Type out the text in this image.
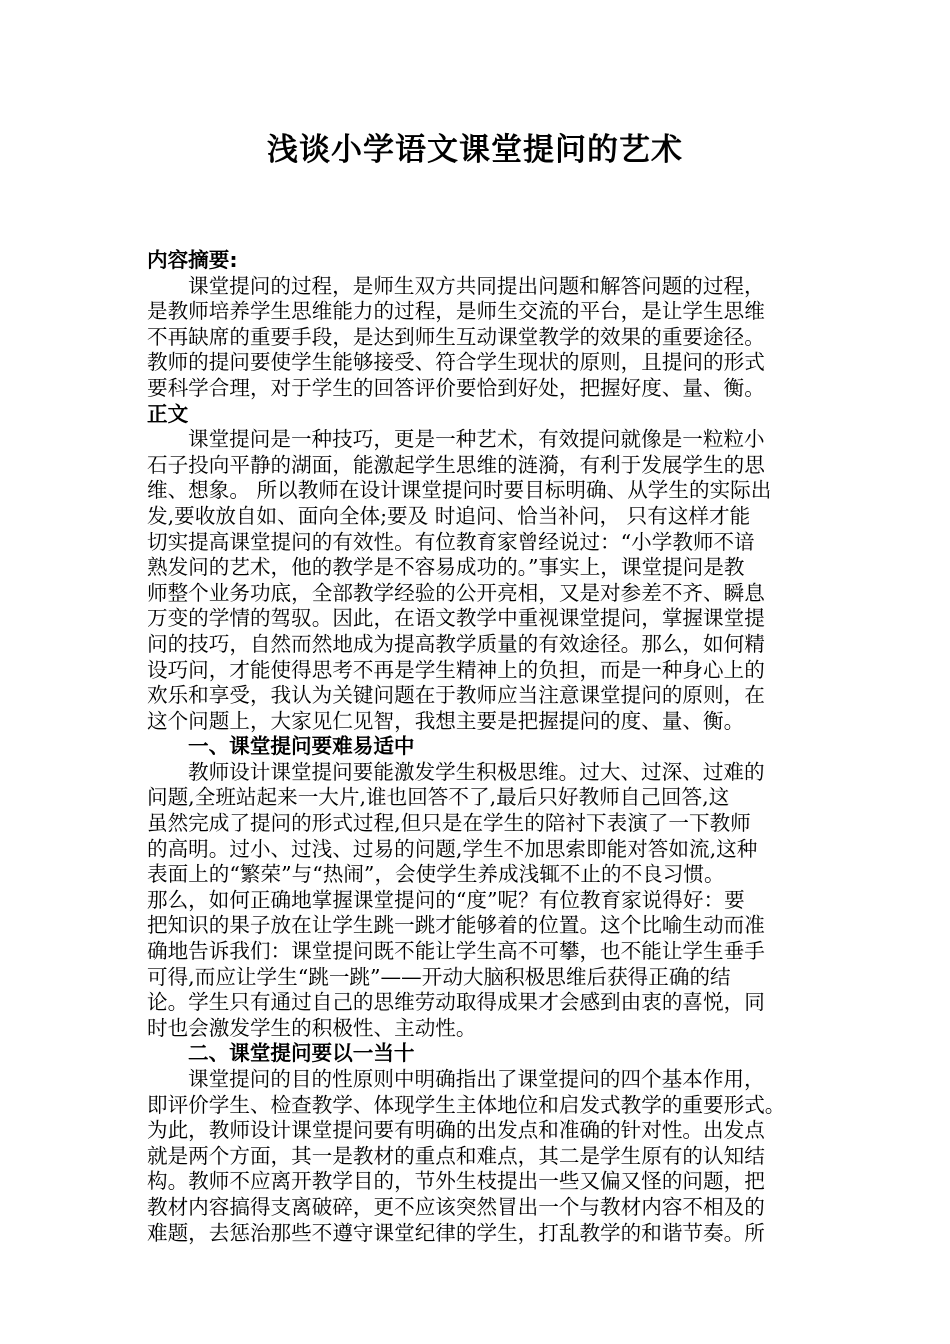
浅谈小学语文课堂提问的艺术
内容摘要:
课堂提问的过程，是师生双方共同提出问题和解答问题的过程，
是教师培养学生思维能力的过程，是师生交流的平台，是让学生思维
不再缺席的重要手段，是达到师生互动课堂教学的效果的重要途径。
教师的提问要使学生能够接受、符合学生现状的原则，且提问的形式
要科学合理，对于学生的回答评价要恰到好处，把握好度、量、衡。
正文
课堂提问是一种技巧，更是一种艺术，有效提问就像是一粒粒小
石子投向平静的湖面，能激起学生思维的涟漪，有利于发展学生的思
维、想象。 所以教师在设计课堂提问时要目标明确、从学生的实际出
发,要收放自如、面向全体;要及 时追问、恰当补问， 只有这样才能
切实提高课堂提问的有效性。有位教育家曾经说过：“小学教师不谙
熟发问的艺术，他的教学是不容易成功的。”事实上，课堂提问是教
师整个业务功底，全部教学经验的公开亮相，又是对参差不齐、瞬息
万变的学情的驾驭。因此，在语文教学中重视课堂提问，掌握课堂提
问的技巧，自然而然地成为提高教学质量的有效途径。那么，如何精
设巧问，才能使得思考不再是学生精神上的负担，而是一种身心上的
欢乐和享受，我认为关键问题在于教师应当注意课堂提问的原则，在
这个问题上，大家见仁见智，我想主要是把握提问的度、量、衡。
一、课堂提问要难易适中
教师设计课堂提问要能激发学生积极思维。过大、过深、过难的
问题,全班站起来一大片,谁也回答不了,最后只好教师自己回答,这
虽然完成了提问的形式过程,但只是在学生的陪衬下表演了一下教师
的高明。过小、过浅、过易的问题,学生不加思索即能对答如流,这种
表面上的“繁荣”与“热闹”，会使学生养成浅辄不止的不良习惯。
那么，如何正确地掌握课堂提问的“度”呢？有位教育家说得好：要
把知识的果子放在让学生跳一跳才能够着的位置。这个比喻生动而准
确地告诉我们：课堂提问既不能让学生高不可攀，也不能让学生垂手
可得,而应让学生“跳一跳”——开动大脑积极思维后获得正确的结
论。学生只有通过自己的思维劳动取得成果才会感到由衷的喜悦，同
时也会激发学生的积极性、主动性。
二、课堂提问要以一当十
课堂提问的目的性原则中明确指出了课堂提问的四个基本作用，
即评价学生、检查教学、体现学生主体地位和启发式教学的重要形式。
为此，教师设计课堂提问要有明确的出发点和准确的针对性。出发点
就是两个方面，其一是教材的重点和难点，其二是学生原有的认知结
构。教师不应离开教学目的，节外生枝提出一些又偏又怪的问题，把
教材内容搞得支离破碎，更不应该突然冒出一个与教材内容不相及的
难题，去惩治那些不遵守课堂纪律的学生，打乱教学的和谐节奏。所
